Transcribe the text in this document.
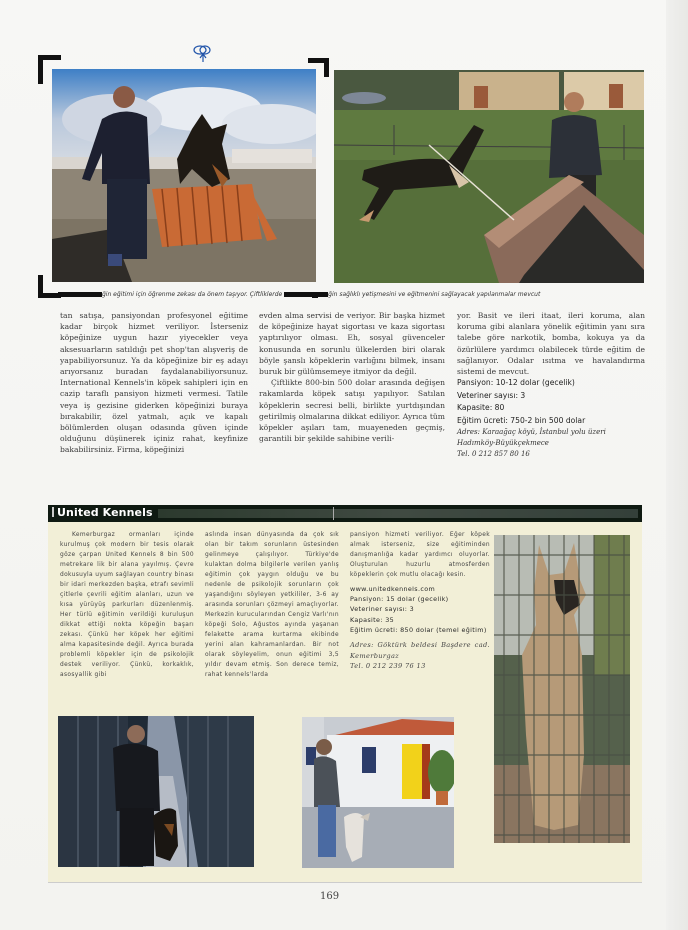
ğin eğitimi için öğrenme zekası da önem taşıyor. Çiftliklerde	ğin sağlıklı yetişmesini ve eğitmenini sağlayacak yapılanmalar mevcut

tan satışa, pansiyondan profesyonel eğitime kadar birçok hizmet veriliyor. İsterseniz köpeğinize uygun hazır yiyecekler veya aksesuarların satıldığı pet shop'tan alışveriş de yapabiliyorsunuz. Ya da köpeğinize bir eş adayı arıyorsanız buradan faydalanabiliyorsunuz. International Kennels'in köpek sahipleri için en cazip taraflı pansiyon hizmeti vermesi. Tatile veya iş gezisine giderken köpeğinizi buraya bırakabilir, özel yatmalı, açık ve kapalı bölümlerden oluşan odasında güven içinde olduğunu düşünerek içiniz rahat, keyfinize bakabilirsiniz. Firma, köpeğinizi

evden alma servisi de veriyor. Bir başka hizmet de köpeğinize hayat sigortası ve kaza sigortası yaptırılıyor olması. Eh, sosyal güvenceler konusunda en sorunlu ülkelerden biri olarak böyle şanslı köpeklerin varlığını bilmek, insanı buruk bir gülümsemeye itmiyor da değil.

Çiftlikte 800-bin 500 dolar arasında değişen rakamlarda köpek satışı yapılıyor. Satılan köpeklerin secresi belli, birlikte yurtdışından getirilmiş olmalarına dikkat ediliyor. Ayrıca tüm köpekler aşıları tam, muayeneden geçmiş, garantili bir şekilde sahibine verili-

yor. Basit ve ileri itaat, ileri koruma, alan koruma gibi alanlara yönelik eğitimin yanı sıra talebe göre narkotik, bomba, kokuya ya da özürlülere yardımcı olabilecek türde eğitim de sağlanıyor. Odalar ısıtma ve havalandırma sistemi de mevcut.

Pansiyon: 10-12 dolar (gecelik)
Veteriner sayısı: 3
Kapasite: 80
Eğitim ücreti: 750-2 bin 500 dolar
Adres: Karaağaç köyü, İstanbul yolu üzeri
Hadımköy-Büyükçekmece
Tel. 0 212 857 80 16
United Kennels

Kemerburgaz ormanları içinde kurulmuş çok modern bir tesis olarak göze çarpan United Kennels 8 bin 500 metrekare lik bir alana yayılmış. Çevre dokusuyla uyum sağlayan country binası bir idari merkezden başka, etrafı sevimli çitlerle çevrili eğitim alanları, uzun ve kısa yürüyüş parkurları düzenlenmiş. Her türlü eğitimin verildiği kuruluşun dikkat ettiği nokta köpeğin başarı zekası. Çünkü her köpek her eğitimi alma kapasitesinde değil. Ayrıca burada problemli köpekler için de psikolojik destek veriliyor. Çünkü, korkaklık, asosyallik gibi

aslında insan dünyasında da çok sık olan bir takım sorunların üstesinden gelinmeye çalışılıyor. Türkiye'de kulaktan dolma bilgilerle verilen yanlış eğitimin çok yaygın olduğu ve bu nedenle de psikolojik sorunların çok yaşandığını söyleyen yetkililer, 3-6 ay arasında sorunları çözmeyi amaçlıyorlar. Merkezin kurucularından Cengiz Varlı'nın köpeği Solo, Ağustos ayında yaşanan felakette arama kurtarma ekibinde yerini alan kahramanlardan. Bir not olarak söyleyelim, onun eğitimi 3,5 yıldır devam etmiş. Son derece temiz, rahat kennels'larda

pansiyon hizmeti veriliyor. Eğer köpek almak isterseniz, size eğitiminden danışmanlığa kadar yardımcı oluyorlar. Oluşturulan huzurlu atmosferden köpeklerin çok mutlu olacağı kesin.

www.unitedkennels.com
Pansiyon: 15 dolar (gecelik)
Veteriner sayısı: 3
Kapasite: 35
Eğitim ücreti: 850 dolar (temel eğitim)
Adres: Göktürk beldesi Başdere cad. Kemerburgaz
Tel. 0 212 239 76 13
169
